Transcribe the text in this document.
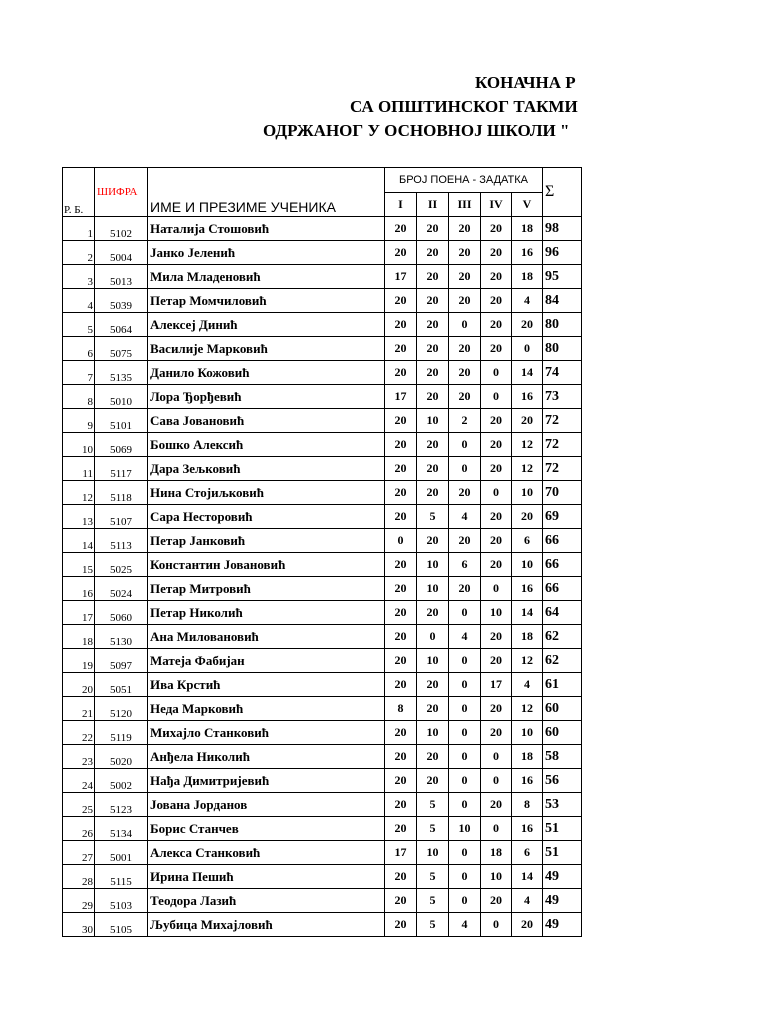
КОНАЧНА Р
СА ОПШТИНСКОГ ТАКМИ
ОДРЖАНОГ У ОСНОВНОЈ ШКОЛИ "
Р. Б.	ШИФРА	ИМЕ И ПРЕЗИМЕ УЧЕНИКА	БРОЈ ПОЕНА - ЗАДАТКА					Σ
			I	II	III	IV	V	
1	5102	Наталија Стошовић	20	20	20	20	18	98
2	5004	Јанко Јеленић	20	20	20	20	16	96
3	5013	Мила Младеновић	17	20	20	20	18	95
4	5039	Петар Момчиловић	20	20	20	20	4	84
5	5064	Алексеј Динић	20	20	0	20	20	80
6	5075	Василије Марковић	20	20	20	20	0	80
7	5135	Данило Кожовић	20	20	20	0	14	74
8	5010	Лора Ђорђевић	17	20	20	0	16	73
9	5101	Сава Јовановић	20	10	2	20	20	72
10	5069	Бошко Алексић	20	20	0	20	12	72
11	5117	Дара Зељковић	20	20	0	20	12	72
12	5118	Нина Стојиљковић	20	20	20	0	10	70
13	5107	Сара Несторовић	20	5	4	20	20	69
14	5113	Петар Јанковић	0	20	20	20	6	66
15	5025	Константин Јовановић	20	10	6	20	10	66
16	5024	Петар Митровић	20	10	20	0	16	66
17	5060	Петар Николић	20	20	0	10	14	64
18	5130	Ана Миловановић	20	0	4	20	18	62
19	5097	Матеја Фабијан	20	10	0	20	12	62
20	5051	Ива Крстић	20	20	0	17	4	61
21	5120	Неда Марковић	8	20	0	20	12	60
22	5119	Михајло Станковић	20	10	0	20	10	60
23	5020	Анђела Николић	20	20	0	0	18	58
24	5002	Нађа Димитријевић	20	20	0	0	16	56
25	5123	Јована Јорданов	20	5	0	20	8	53
26	5134	Борис Станчев	20	5	10	0	16	51
27	5001	Алекса Станковић	17	10	0	18	6	51
28	5115	Ирина Пешић	20	5	0	10	14	49
29	5103	Теодора Лазић	20	5	0	20	4	49
30	5105	Љубица Михајловић	20	5	4	0	20	49
